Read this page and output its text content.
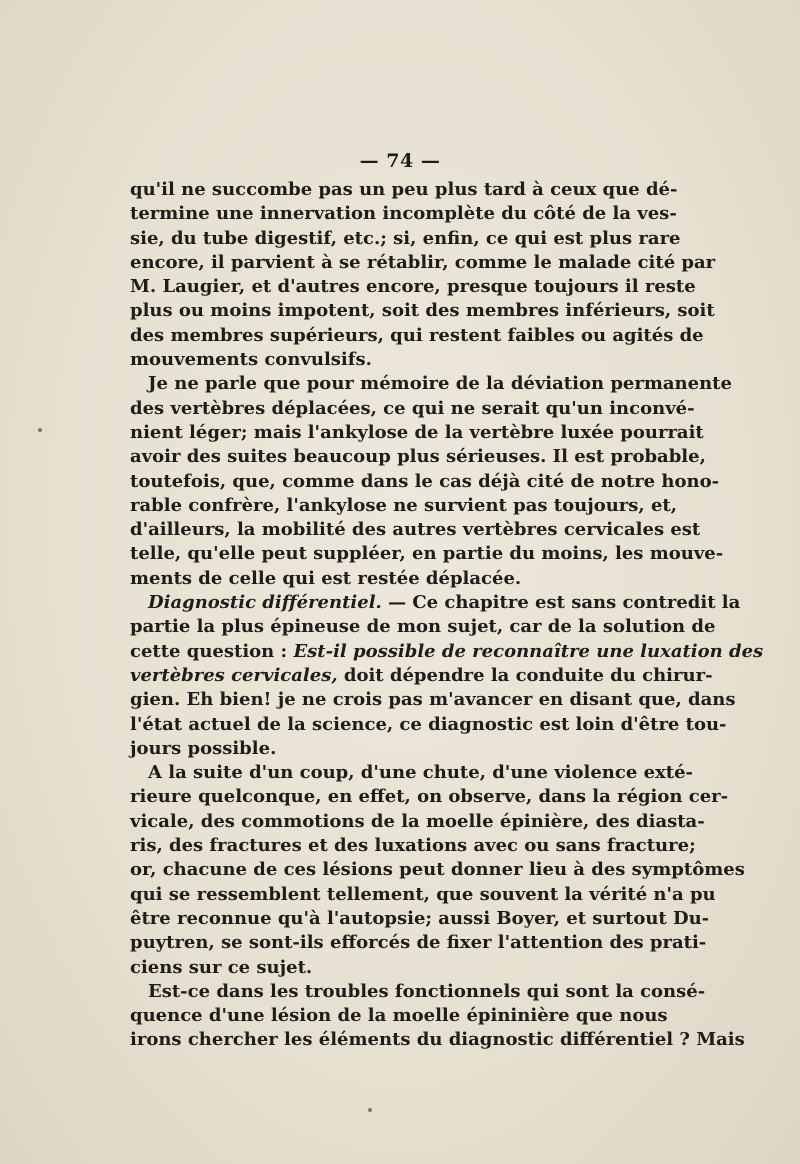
— 74 —
qu'il ne succombe pas un peu plus tard à ceux que dé-
termine une innervation incomplète du côté de la ves-
sie, du tube digestif, etc.; si, enfin, ce qui est plus rare
encore, il parvient à se rétablir, comme le malade cité par
M. Laugier, et d'autres encore, presque toujours il reste
plus ou moins impotent, soit des membres inférieurs, soit
des membres supérieurs, qui restent faibles ou agités de
mouvements convulsifs.
Je ne parle que pour mémoire de la déviation permanente
des vertèbres déplacées, ce qui ne serait qu'un inconvé-
nient léger; mais l'ankylose de la vertèbre luxée pourrait
avoir des suites beaucoup plus sérieuses. Il est probable,
toutefois, que, comme dans le cas déjà cité de notre hono-
rable confrère, l'ankylose ne survient pas toujours, et,
d'ailleurs, la mobilité des autres vertèbres cervicales est
telle, qu'elle peut suppléer, en partie du moins, les mouve-
ments de celle qui est restée déplacée.
Diagnostic différentiel. — Ce chapitre est sans contredit la
partie la plus épineuse de mon sujet, car de la solution de
cette question : Est-il possible de reconnaître une luxation des
vertèbres cervicales, doit dépendre la conduite du chirur-
gien. Eh bien! je ne crois pas m'avancer en disant que, dans
l'état actuel de la science, ce diagnostic est loin d'être tou-
jours possible.
A la suite d'un coup, d'une chute, d'une violence exté-
rieure quelconque, en effet, on observe, dans la région cer-
vicale, des commotions de la moelle épinière, des diasta-
ris, des fractures et des luxations avec ou sans fracture;
or, chacune de ces lésions peut donner lieu à des symptômes
qui se ressemblent tellement, que souvent la vérité n'a pu
être reconnue qu'à l'autopsie; aussi Boyer, et surtout Du-
puytren, se sont-ils efforcés de fixer l'attention des prati-
ciens sur ce sujet.
Est-ce dans les troubles fonctionnels qui sont la consé-
quence d'une lésion de la moelle épininière que nous
irons chercher les éléments du diagnostic différentiel ? Mais
